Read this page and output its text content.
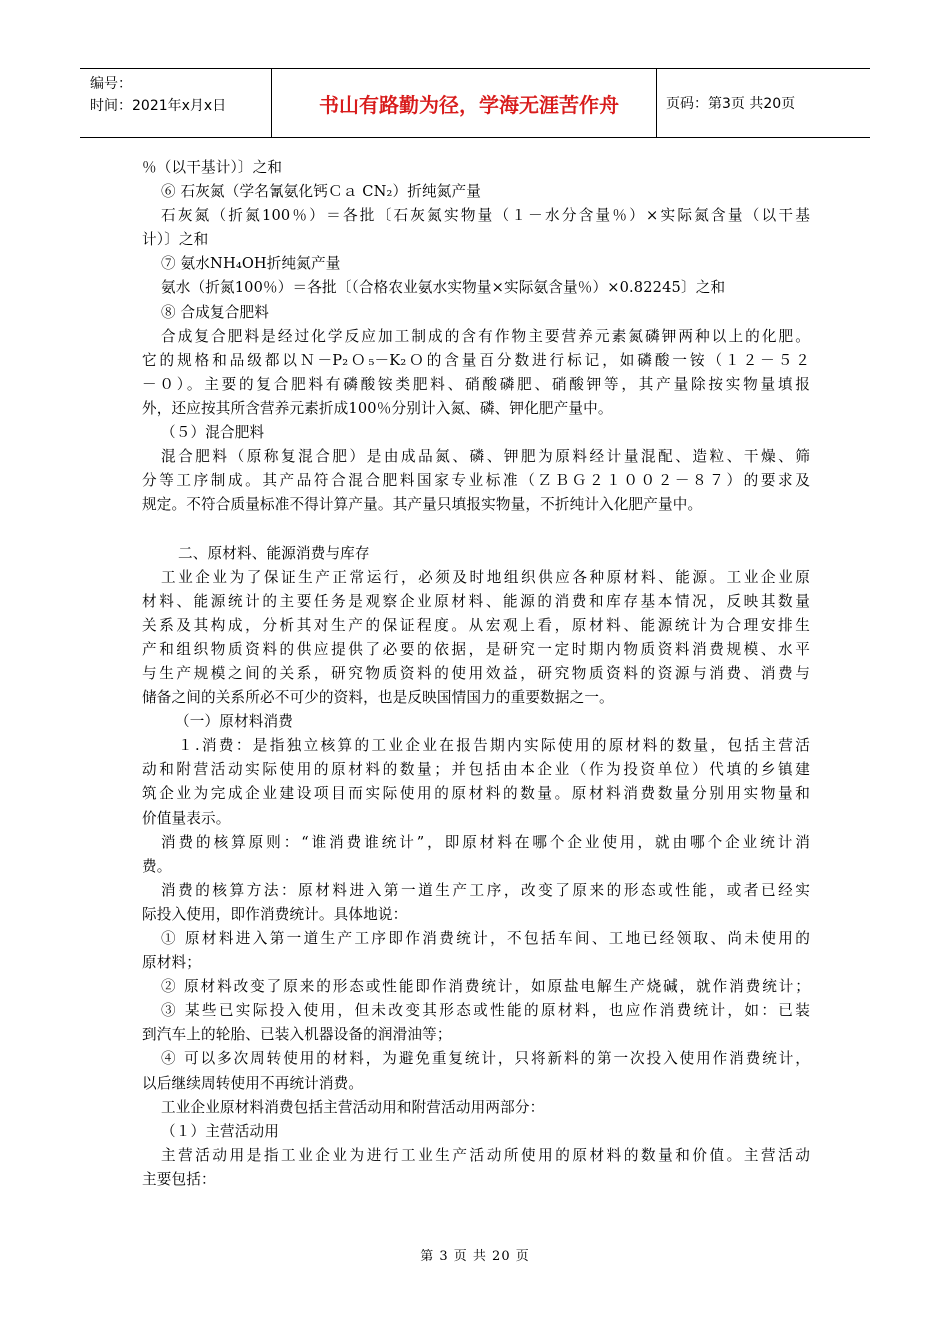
编号：
时间：2021年x月x日	书山有路勤为径，学海无涯苦作舟	页码：第3页 共20页
％（以干基计）〕之和
⑥ 石灰氮（学名氰氨化钙Ｃａ CN₂）折纯氮产量
石灰氮（折氮100％）＝各批〔石灰氮实物量（１－水分含量％）×实际氮含量（以干基
计）〕之和
⑦ 氨水NH₄OH折纯氮产量
氨水（折氮100％）＝各批〔（合格农业氨水实物量×实际氨含量％）×0.82245〕之和
⑧ 合成复合肥料
合成复合肥料是经过化学反应加工制成的含有作物主要营养元素氮磷钾两种以上的化肥。
它的规格和品级都以Ｎ－P₂Ｏ₅－K₂Ｏ的含量百分数进行标记，如磷酸一铵（１２－５２
－０）。主要的复合肥料有磷酸铵类肥料、硝酸磷肥、硝酸钾等，其产量除按实物量填报
外，还应按其所含营养元素折成100％分别计入氮、磷、钾化肥产量中。
（５）混合肥料
混合肥料（原称复混合肥）是由成品氮、磷、钾肥为原料经计量混配、造粒、干燥、筛
分等工序制成。其产品符合混合肥料国家专业标准（ＺＢＧ２１００２－８７）的要求及
规定。不符合质量标准不得计算产量。其产量只填报实物量，不折纯计入化肥产量中。
二、原材料、能源消费与库存
工业企业为了保证生产正常运行，必须及时地组织供应各种原材料、能源。工业企业原
材料、能源统计的主要任务是观察企业原材料、能源的消费和库存基本情况，反映其数量
关系及其构成，分析其对生产的保证程度。从宏观上看，原材料、能源统计为合理安排生
产和组织物质资料的供应提供了必要的依据，是研究一定时期内物质资料消费规模、水平
与生产规模之间的关系，研究物质资料的使用效益，研究物质资料的资源与消费、消费与
储备之间的关系所必不可少的资料，也是反映国情国力的重要数据之一。
（一）原材料消费
１.消费：是指独立核算的工业企业在报告期内实际使用的原材料的数量，包括主营活
动和附营活动实际使用的原材料的数量；并包括由本企业（作为投资单位）代填的乡镇建
筑企业为完成企业建设项目而实际使用的原材料的数量。原材料消费数量分别用实物量和
价值量表示。
消费的核算原则：“谁消费谁统计”，即原材料在哪个企业使用，就由哪个企业统计消
费。
消费的核算方法：原材料进入第一道生产工序，改变了原来的形态或性能，或者已经实
际投入使用，即作消费统计。具体地说：
① 原材料进入第一道生产工序即作消费统计，不包括车间、工地已经领取、尚未使用的
原材料；
② 原材料改变了原来的形态或性能即作消费统计，如原盐电解生产烧碱，就作消费统计；
③ 某些已实际投入使用，但未改变其形态或性能的原材料，也应作消费统计，如：已装
到汽车上的轮胎、已装入机器设备的润滑油等；
④ 可以多次周转使用的材料，为避免重复统计，只将新料的第一次投入使用作消费统计，
以后继续周转使用不再统计消费。
工业企业原材料消费包括主营活动用和附营活动用两部分：
（１）主营活动用
主营活动用是指工业企业为进行工业生产活动所使用的原材料的数量和价值。主营活动
主要包括：
第 3 页 共 20 页
